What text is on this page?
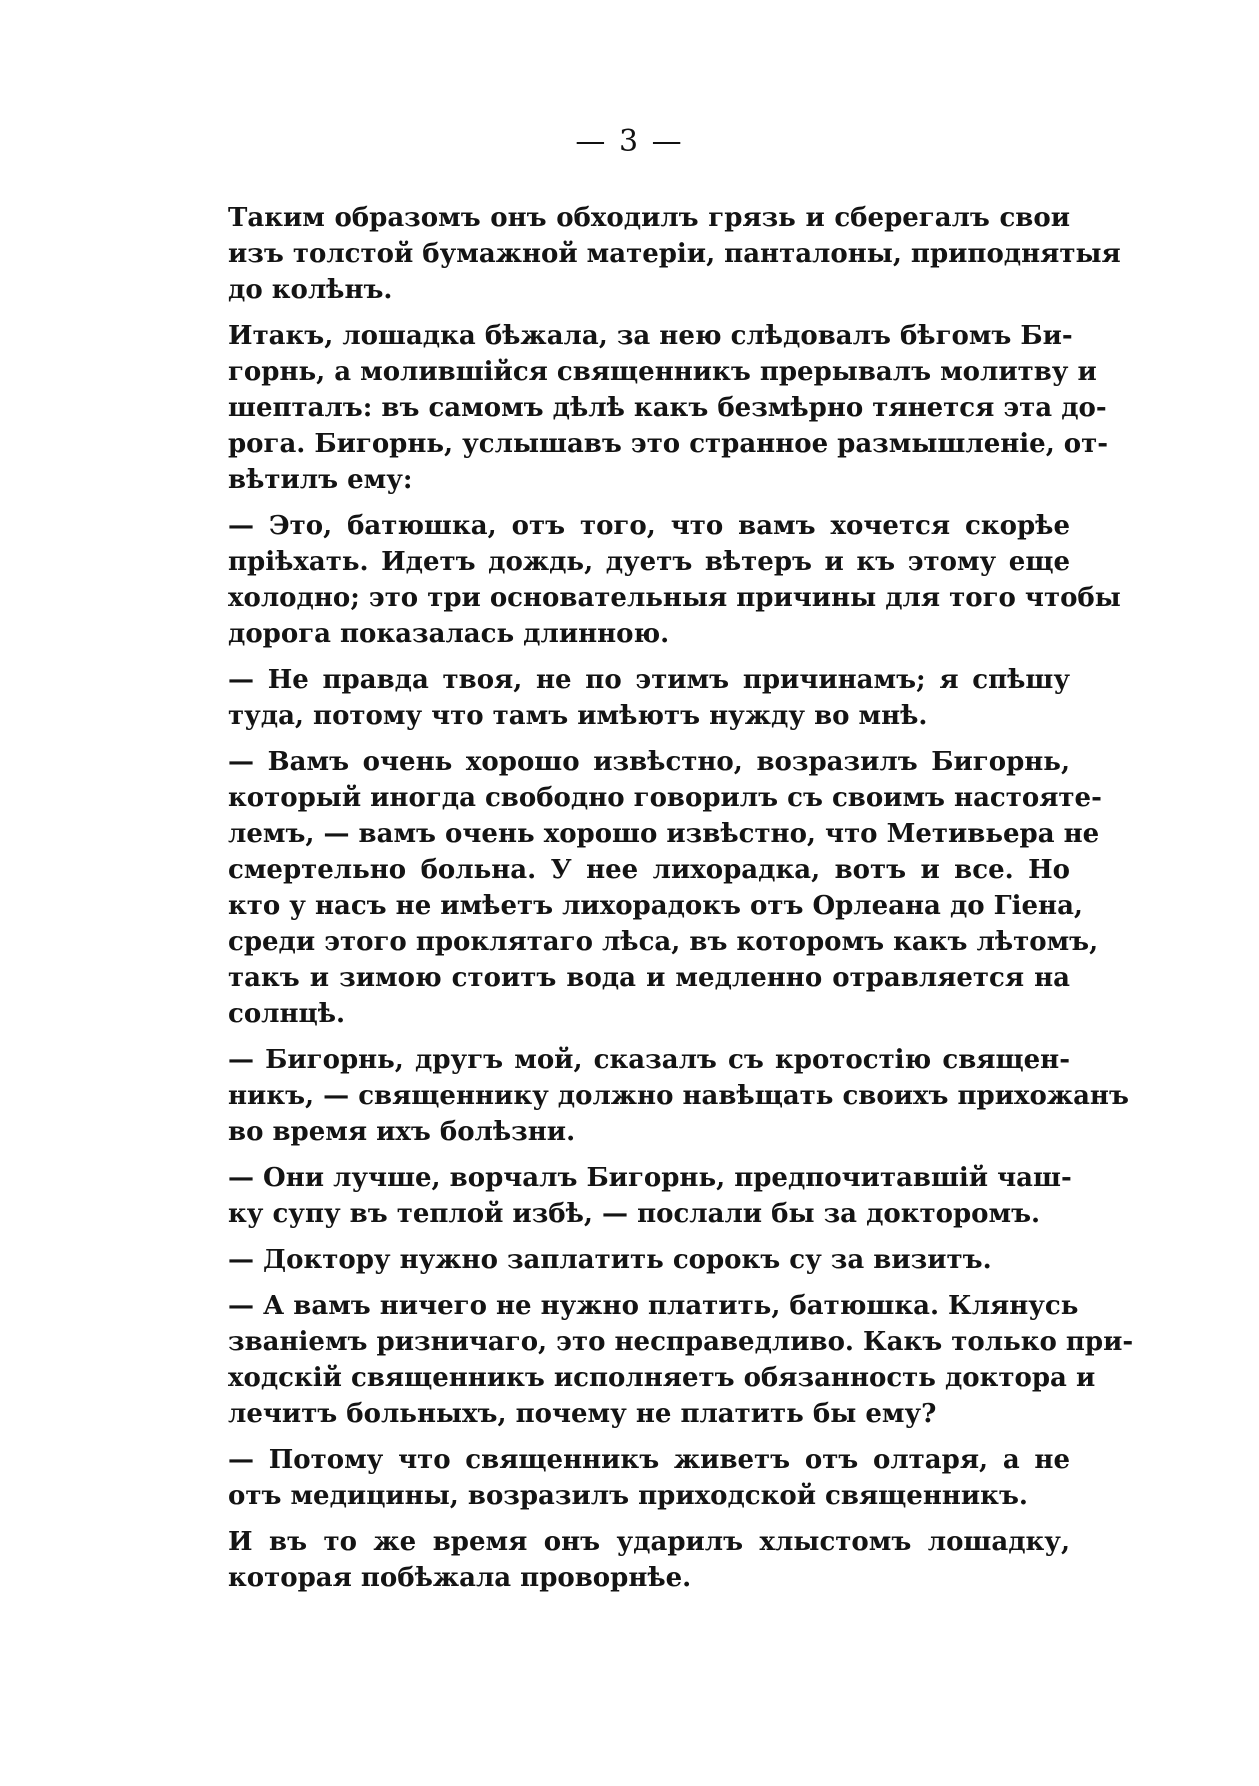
— 3 —

Таким образомъ онъ обходилъ грязь и сберегалъ свои
изъ толстой бумажной матеріи, панталоны, приподнятыя
до колѣнъ.

Итакъ, лошадка бѣжала, за нею слѣдовалъ бѣгомъ Би-
горнь, а молившійся священникъ прерывалъ молитву и
шепталъ: въ самомъ дѣлѣ какъ безмѣрно тянется эта до-
рога. Бигорнь, услышавъ это странное размышленіе, от-
вѣтилъ ему:

— Это, батюшка, отъ того, что вамъ хочется скорѣе
пріѣхать. Идетъ дождь, дуетъ вѣтеръ и къ этому еще
холодно; это три основательныя причины для того чтобы
дорога показалась длинною.

— Не правда твоя, не по этимъ причинамъ; я спѣшу
туда, потому что тамъ имѣютъ нужду во мнѣ.

— Вамъ очень хорошо извѣстно, возразилъ Бигорнь,
который иногда свободно говорилъ съ своимъ настояте-
лемъ, — вамъ очень хорошо извѣстно, что Метивьера не
смертельно больна. У нее лихорадка, вотъ и все. Но
кто у насъ не имѣетъ лихорадокъ отъ Орлеана до Гіена,
среди этого проклятаго лѣса, въ которомъ какъ лѣтомъ,
такъ и зимою стоитъ вода и медленно отравляется на
солнцѣ.

— Бигорнь, другъ мой, сказалъ съ кротостію священ-
никъ, — священнику должно навѣщать своихъ прихожанъ
во время ихъ болѣзни.

— Они лучше, ворчалъ Бигорнь, предпочитавшій чаш-
ку супу въ теплой избѣ, — послали бы за докторомъ.

— Доктору нужно заплатить сорокъ су за визитъ.

— А вамъ ничего не нужно платить, батюшка. Клянусь
званіемъ ризничаго, это несправедливо. Какъ только при-
ходскій священникъ исполняетъ обязанность доктора и
лечитъ больныхъ, почему не платить бы ему?

— Потому что священникъ живетъ отъ олтаря, а не
отъ медицины, возразилъ приходской священникъ.

И въ то же время онъ ударилъ хлыстомъ лошадку,
которая побѣжала проворнѣе.
